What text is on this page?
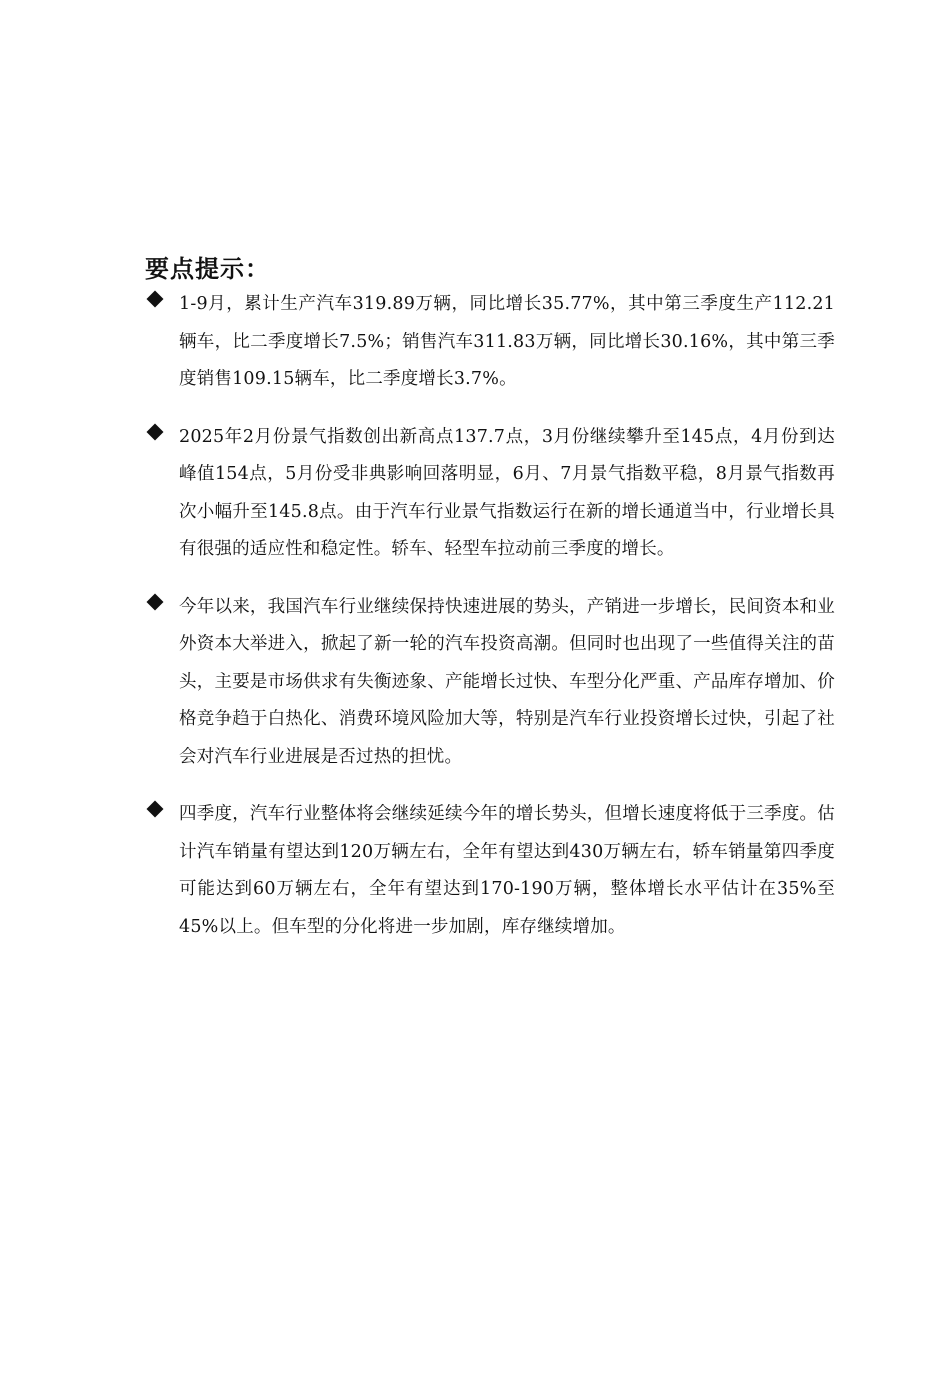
要点提示：

1-9月，累计生产汽车319.89万辆，同比增长35.77%，其中第三季度生产112.21辆车，比二季度增长7.5%；销售汽车311.83万辆，同比增长30.16%，其中第三季度销售109.15辆车，比二季度增长3.7%。

2025年2月份景气指数创出新高点137.7点，3月份继续攀升至145点，4月份到达峰值154点，5月份受非典影响回落明显，6月、7月景气指数平稳，8月景气指数再次小幅升至145.8点。由于汽车行业景气指数运行在新的增长通道当中，行业增长具有很强的适应性和稳定性。轿车、轻型车拉动前三季度的增长。

今年以来，我国汽车行业继续保持快速进展的势头，产销进一步增长，民间资本和业外资本大举进入，掀起了新一轮的汽车投资高潮。但同时也出现了一些值得关注的苗头，主要是市场供求有失衡迹象、产能增长过快、车型分化严重、产品库存增加、价格竞争趋于白热化、消费环境风险加大等，特别是汽车行业投资增长过快，引起了社会对汽车行业进展是否过热的担忧。

四季度，汽车行业整体将会继续延续今年的增长势头，但增长速度将低于三季度。估计汽车销量有望达到120万辆左右，全年有望达到430万辆左右，轿车销量第四季度可能达到60万辆左右，全年有望达到170-190万辆，整体增长水平估计在35%至45%以上。但车型的分化将进一步加剧，库存继续增加。
